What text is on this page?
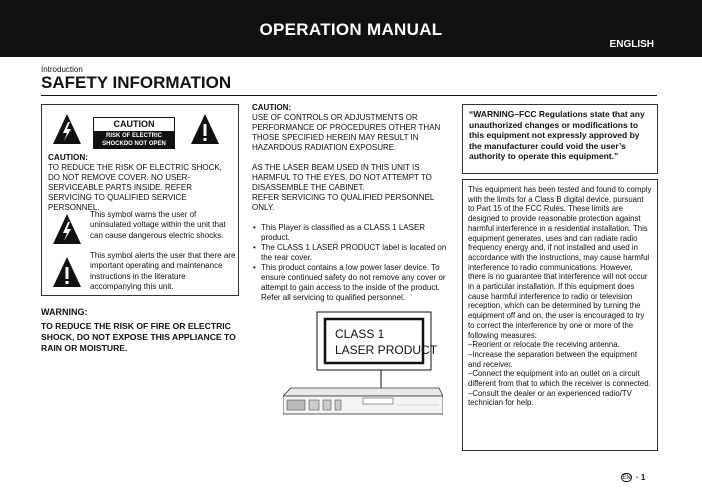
OPERATION MANUAL
ENGLISH
Introduction
SAFETY INFORMATION
CAUTION
RISK OF ELECTRIC
SHOCKDO NOT OPEN
CAUTION:
TO REDUCE THE RISK OF ELECTRIC SHOCK, DO NOT REMOVE COVER. NO USER-SERVICEABLE PARTS INSIDE. REFER SERVICING TO QUALIFIED SERVICE PERSONNEL.
This symbol warns the user of uninsulated voltage within the unit that can cause dangerous electric shocks.
This symbol alerts the user that there are important operating and maintenance instructions in the literature accompanying this unit.
WARNING:
TO REDUCE THE RISK OF FIRE OR ELECTRIC SHOCK, DO NOT EXPOSE THIS APPLIANCE TO RAIN OR MOISTURE.

CAUTION:

USE OF CONTROLS OR ADJUSTMENTS OR PERFORMANCE OF PROCEDURES OTHER THAN THOSE SPECIFIED HEREIN MAY RESULT IN HAZARDOUS RADIATION EXPOSURE.

AS THE LASER BEAM USED IN THIS UNIT IS HARMFUL TO THE EYES, DO NOT ATTEMPT TO DISASSEMBLE THE CABINET.

REFER SERVICING TO QUALIFIED PERSONNEL ONLY.

• This Player is classified as a CLASS 1 LASER product.
• The CLASS 1 LASER PRODUCT label is located on the rear cover.
• This product contains a low power laser device. To ensure continued safety do not remove any cover or attempt to gain access to the inside of the product. Refer all servicing to qualified personnel.
CLASS 1
LASER PRODUCT
“WARNING–FCC Regulations state that any unauthorized changes or modifications to this equipment not expressly approved by the manufacturer could void the user’s authority to operate this equipment.”

This equipment has been tested and found to comply with the limits for a Class B digital device, pursuant to Part 15 of the FCC Rules. These limits are designed to provide reasonable protection against harmful interference in a residential installation. This equipment generates, uses and can radiate radio frequency energy and, if not installed and used in accordance with the instructions, may cause harmful interference to radio communications. However, there is no guarantee that interference will not occur in a particular installation. If this equipment does cause harmful interference to radio or television reception, which can be determined by turning the equipment off and on, the user is encouraged to try to correct the interference by one or more of the following measures:

–Reorient or relocate the receiving antenna.

–Increase the separation between the equipment and receiver.

–Connect the equipment into an outlet on a circuit different from that to which the receiver is connected.

–Consult the dealer or an experienced radio/TV technician for help.

EN · 1
